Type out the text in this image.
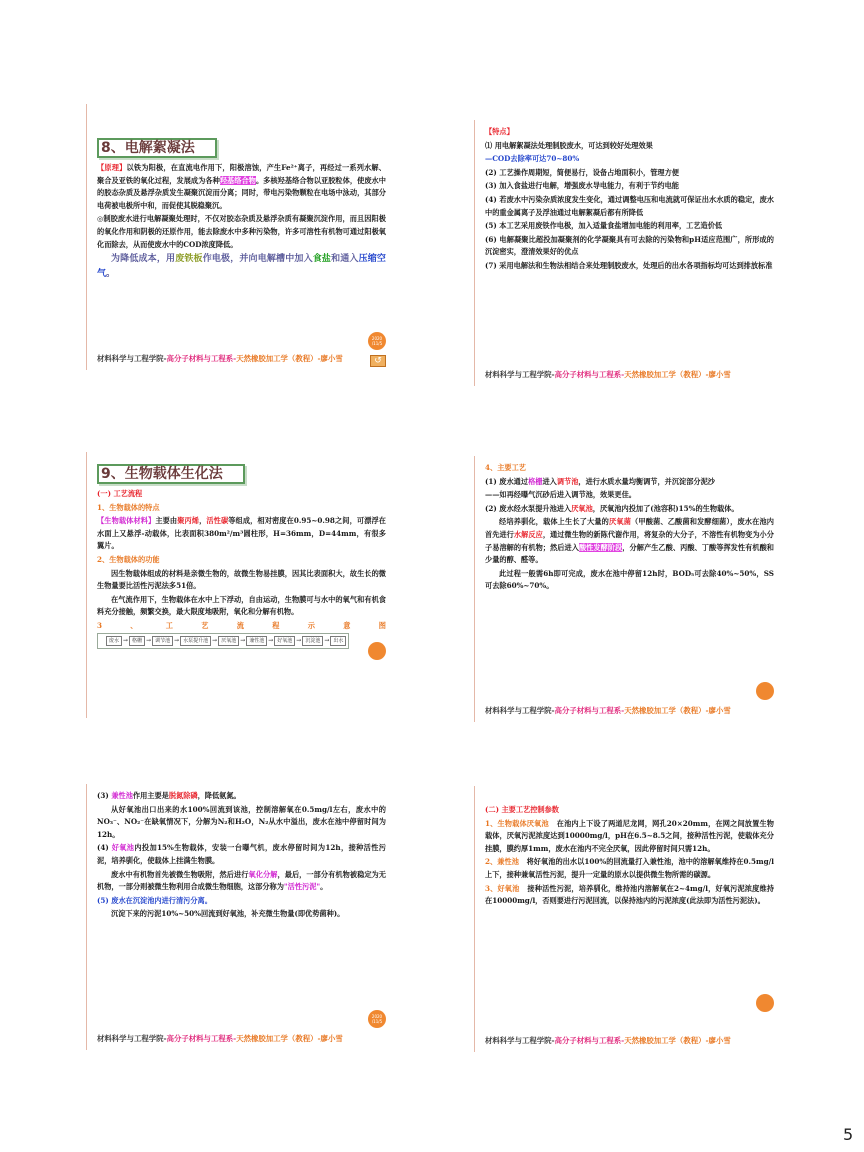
8、电解絮凝法
【原理】以铁为阳极，在直流电作用下，阳极溶蚀，产生Fe²⁺离子，再经过一系列水解、聚合及亚铁的氧化过程，发展成为各种羟基络合物。多核羟基络合物以亚胶粒体，使废水中的胶态杂质及悬浮杂质发生凝聚沉淀而分离；同时，带电污染物颗粒在电场中泳动，其部分电荷被电极所中和，而促使其脱稳聚沉。
◎制胶废水进行电解凝聚处理时，不仅对胶态杂质及悬浮杂质有凝聚沉淀作用，而且因阳极的氧化作用和阴极的还原作用，能去除废水中多种污染物，许多可溶性有机物可通过阳极氧化而除去，从而使废水中的COD浓度降低。
为降低成本，用废铁板作电极，并向电解槽中加入食盐和通入压缩空气。
2020 /11/5
材料科学与工程学院-高分子材料与工程系-天然橡胶加工学（教程）-廖小雪	↺
【特点】
⑴ 用电解絮凝法处理制胶废水，可达到较好处理效果
—COD去除率可达70~80%
(2) 工艺操作周期短，简便易行，设备占地面积小，管理方便
(3) 加入食盐进行电解，增强废水导电能力，有利于节约电能
(4) 若废水中污染杂质浓度发生变化，通过调整电压和电流就可保证出水水质的稳定，废水中的重金属离子及浮油通过电解絮凝后都有所降低
(5) 本工艺采用废铁作电极，加入适量食盐增加电能的利用率，工艺造价低
(6) 电解凝聚比超投加凝聚剂的化学凝聚具有可去除的污染物和pH适应范围广，所形成的沉淀密实，澄清效果好的优点
(7) 采用电解法和生物法相结合来处理制胶废水，处理后的出水各项指标均可达到排放标准
材料科学与工程学院-高分子材料与工程系-天然橡胶加工学（教程）-廖小雪
9、生物载体生化法
(一) 工艺流程
1、生物载体的特点
【生物载体材料】主要由聚丙烯，活性碳等组成，相对密度在0.95~0.98之间，可漂浮在水面上又悬浮-动载体，比表面积380m²/m³圆柱形，H=36mm，D=44mm，有很多翼片。
2、生物载体的功能
因生物载体组成的材料是亲微生物的，故微生物易挂膜，因其比表面积大，故生长的微生物量要比活性污泥法多51倍。
在气流作用下，生物载体在水中上下浮动，自由运动，生物膜可与水中的氧气和有机食料充分接触，频繁交换，最大限度地吸附，氧化和分解有机物。
3、工艺流程示意图
废水 → 格栅 → 调节池 → 水泵提升池 → 厌氧池 → 兼性池 → 好氧池 → 沉淀池 → 出水
4、主要工艺
(1) 废水通过格栅进入调节池，进行水质水量均衡调节，并沉淀部分泥沙
——如再经曝气沉砂后进入调节池，效果更佳。
(2) 废水经水泵提升池进入厌氧池，厌氧池内投加了(池容积)15%的生物载体。
经培养驯化，载体上生长了大量的厌氧菌（甲酸菌、乙酸菌和发酵细菌），废水在池内首先进行水解反应，通过微生物的新陈代谢作用，将复杂的大分子，不溶性有机物变为小分子易溶解的有机物；然后进入酸性发酵阶段，分解产生乙酸、丙酸、丁酸等挥发性有机酸和少量的醇、醛等。
此过程一般需6h即可完成，废水在池中停留12h时，BOD₅可去除40%~50%，SS可去除60%~70%。
材料科学与工程学院-高分子材料与工程系-天然橡胶加工学（教程）-廖小雪
(3) 兼性池作用主要是脱氮除磷，降低氨氮。
从好氧池出口出来的水100%回流到该池，控制溶解氧在0.5mg/l左右，废水中的NO₃⁻、NO₂⁻在缺氧情况下，分解为N₂和H₂O，N₂从水中溢出，废水在池中停留时间为12h。
(4) 好氧池内投加15%生物载体，安装一台曝气机，废水停留时间为12h，接种活性污泥，培养驯化，使载体上挂满生物膜。
废水中有机物首先被微生物吸附，然后进行氧化分解，最后，一部分有机物被稳定为无机物，一部分则被微生物利用合成微生物细胞，这部分称为"活性污泥"。
(5) 废水在沉淀池内进行清污分离。
沉淀下来的污泥10%~50%回流到好氧池，补充微生物量(即优势菌种)。
2020 /11/5
材料科学与工程学院-高分子材料与工程系-天然橡胶加工学（教程）-廖小雪
(二) 主要工艺控制参数
1、生物载体厌氧池 在池内上下设了两道尼龙网，网孔20×20mm，在网之间放置生物载体，厌氧污泥浓度达到10000mg/l，pH在6.5~8.5之间，接种活性污泥，使载体充分挂膜，膜约厚1mm，废水在池内不完全厌氧，因此停留时间只需12h。
2、兼性池 将好氧池的出水以100%的回流量打入兼性池，池中的溶解氧维持在0.5mg/l上下，接种兼氧活性污泥，提升一定量的原水以提供微生物所需的碳源。
3、好氧池 接种活性污泥，培养驯化，维持池内溶解氧在2~4mg/l，好氧污泥浓度维持在10000mg/l，否则要进行污泥回流，以保持池内的污泥浓度(此法即为活性污泥法)。
材料科学与工程学院-高分子材料与工程系-天然橡胶加工学（教程）-廖小雪
5
